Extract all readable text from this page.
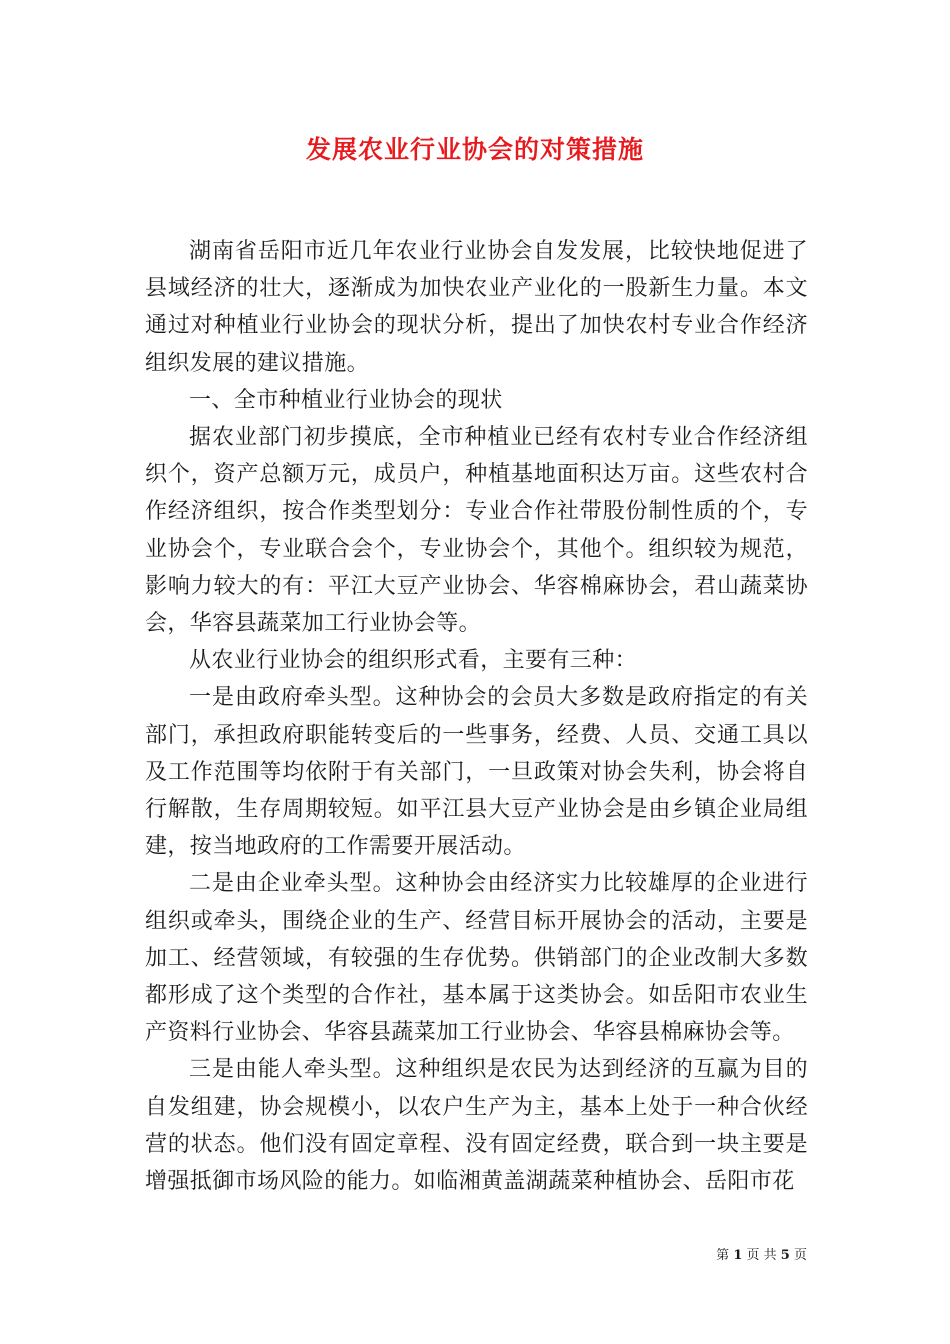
发展农业行业协会的对策措施

湖南省岳阳市近几年农业行业协会自发发展，比较快地促进了县域经济的壮大，逐渐成为加快农业产业化的一股新生力量。本文通过对种植业行业协会的现状分析，提出了加快农村专业合作经济组织发展的建议措施。

一、全市种植业行业协会的现状

据农业部门初步摸底，全市种植业已经有农村专业合作经济组织个，资产总额万元，成员户，种植基地面积达万亩。这些农村合作经济组织，按合作类型划分：专业合作社带股份制性质的个，专业协会个，专业联合会个，专业协会个，其他个。组织较为规范，影响力较大的有：平江大豆产业协会、华容棉麻协会，君山蔬菜协会，华容县蔬菜加工行业协会等。

从农业行业协会的组织形式看，主要有三种：

一是由政府牵头型。这种协会的会员大多数是政府指定的有关部门，承担政府职能转变后的一些事务，经费、人员、交通工具以及工作范围等均依附于有关部门，一旦政策对协会失利，协会将自行解散，生存周期较短。如平江县大豆产业协会是由乡镇企业局组建，按当地政府的工作需要开展活动。

二是由企业牵头型。这种协会由经济实力比较雄厚的企业进行组织或牵头，围绕企业的生产、经营目标开展协会的活动，主要是加工、经营领域，有较强的生存优势。供销部门的企业改制大多数都形成了这个类型的合作社，基本属于这类协会。如岳阳市农业生产资料行业协会、华容县蔬菜加工行业协会、华容县棉麻协会等。

三是由能人牵头型。这种组织是农民为达到经济的互赢为目的自发组建，协会规模小，以农户生产为主，基本上处于一种合伙经营的状态。他们没有固定章程、没有固定经费，联合到一块主要是增强抵御市场风险的能力。如临湘黄盖湖蔬菜种植协会、岳阳市花

第 1 页 共 5 页
